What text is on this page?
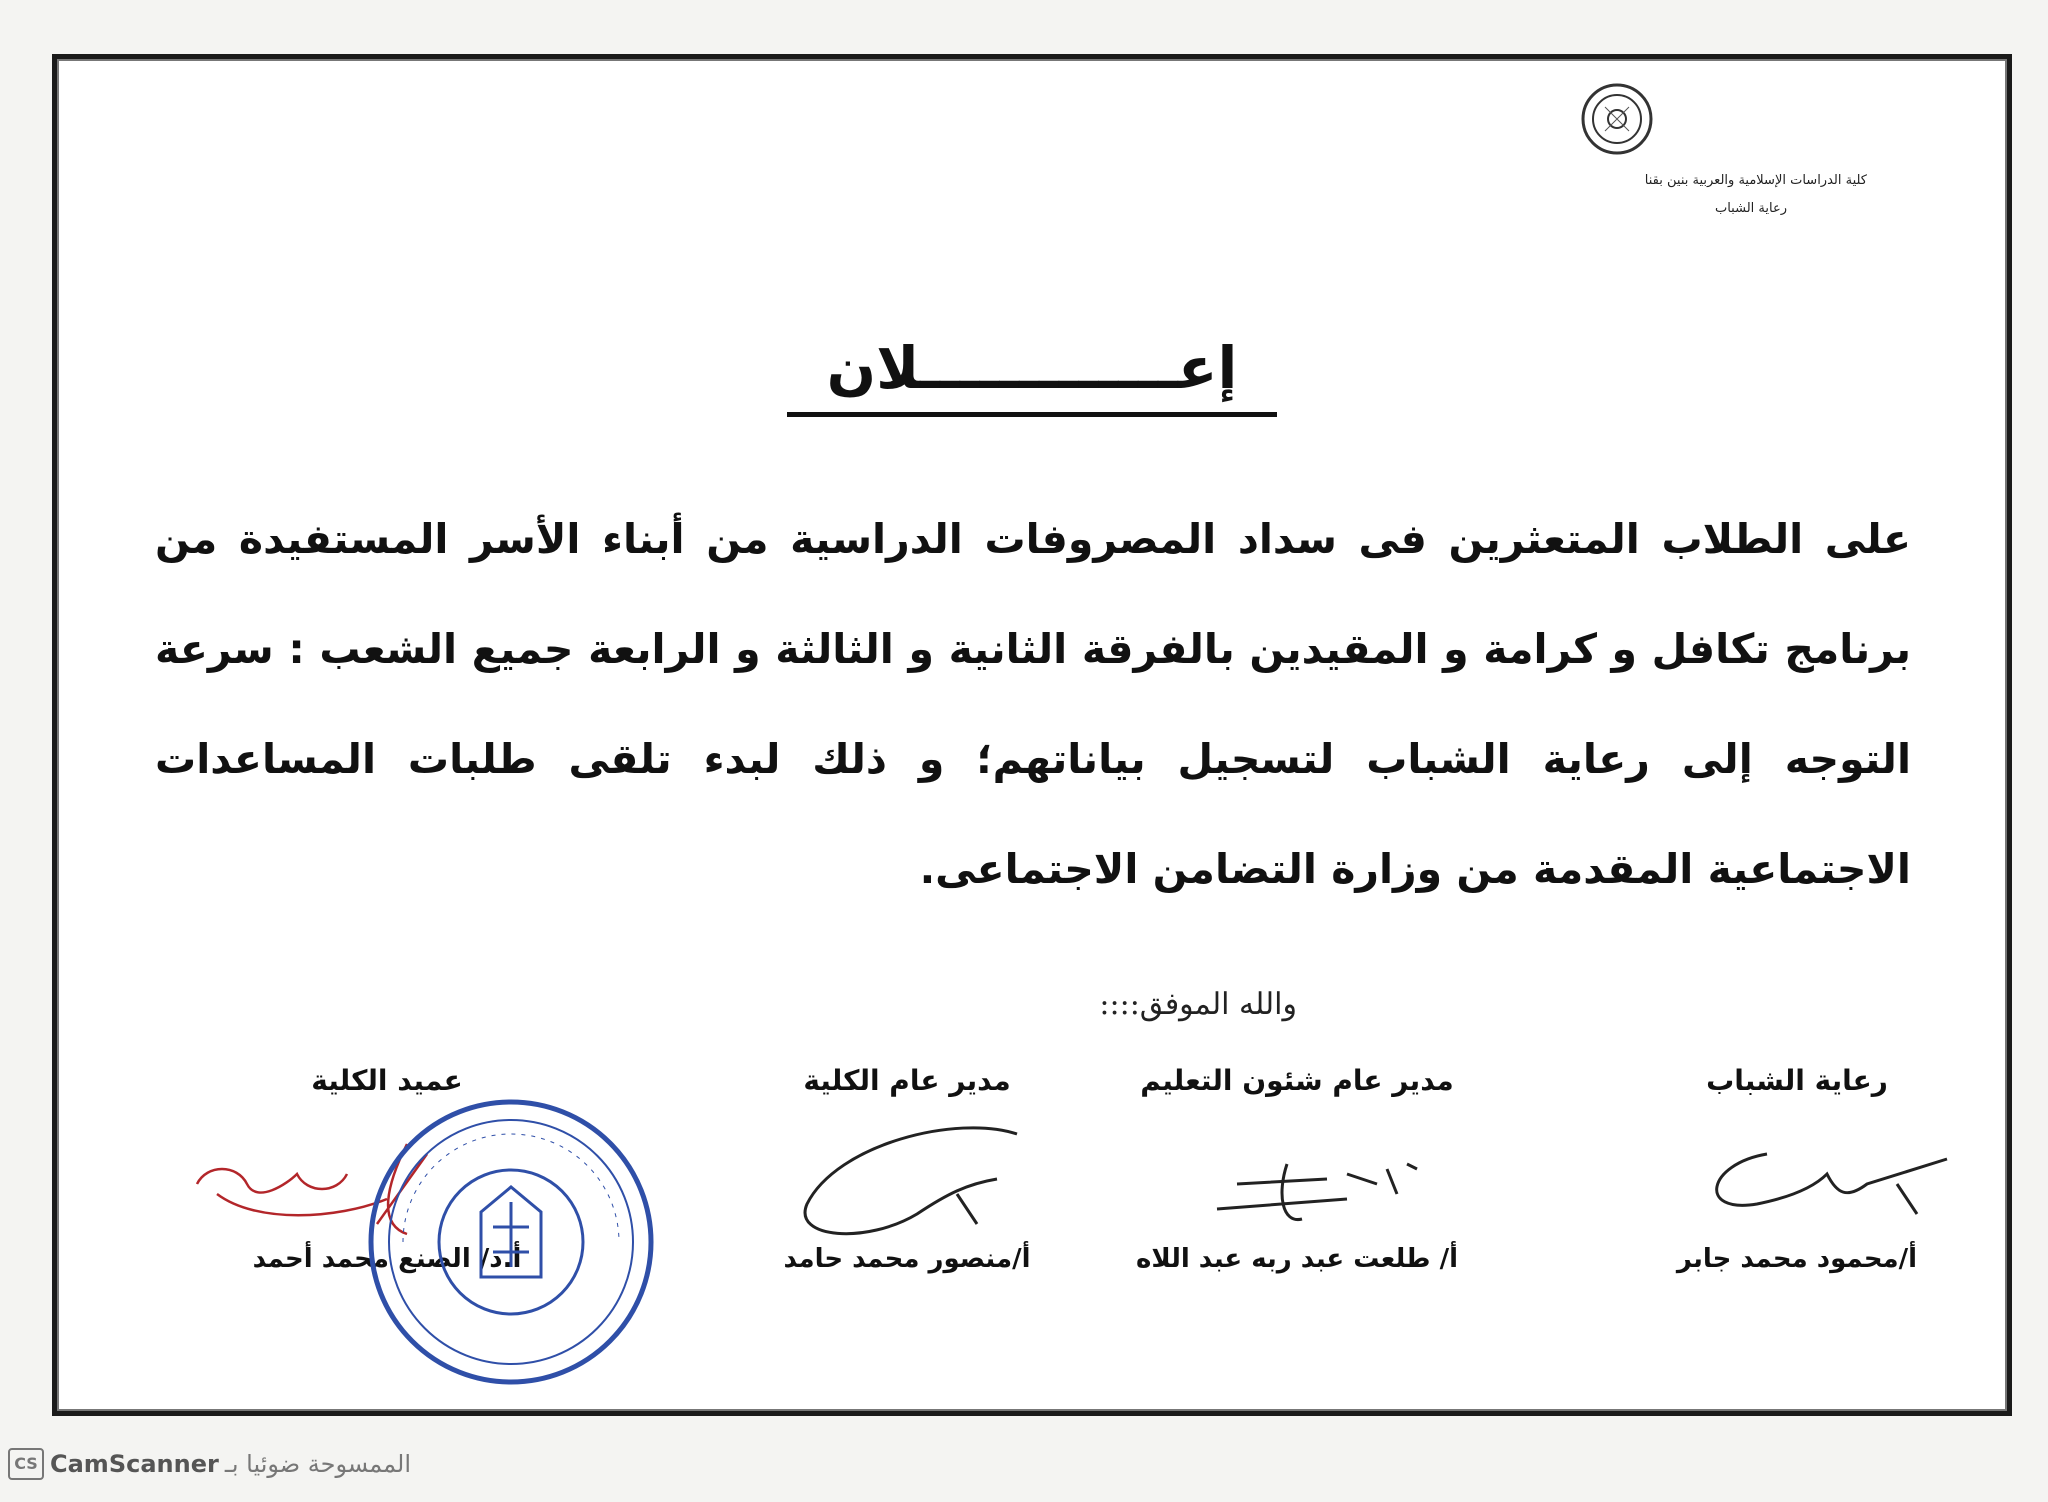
كلية الدراسات الإسلامية والعربية بنين بقنا
رعاية الشباب
إعـــــــــــــلان
على الطلاب المتعثرين فى سداد المصروفات الدراسية من أبناء الأسر المستفيدة من برنامج تكافل و كرامة و المقيدين بالفرقة الثانية و الثالثة و الرابعة جميع الشعب : سرعة التوجه إلى رعاية الشباب لتسجيل بياناتهم؛ و ذلك لبدء تلقى طلبات المساعدات الاجتماعية المقدمة من وزارة التضامن الاجتماعى.
والله الموفق::::
رعاية الشباب
أ/محمود محمد جابر
مدير عام شئون التعليم
أ/ طلعت عبد ربه عبد اللاه
مدير عام الكلية
أ/منصور محمد حامد
عميد الكلية
أ.د/ الصنع محمد أحمد
CS CamScanner الممسوحة ضوئيا بـ
